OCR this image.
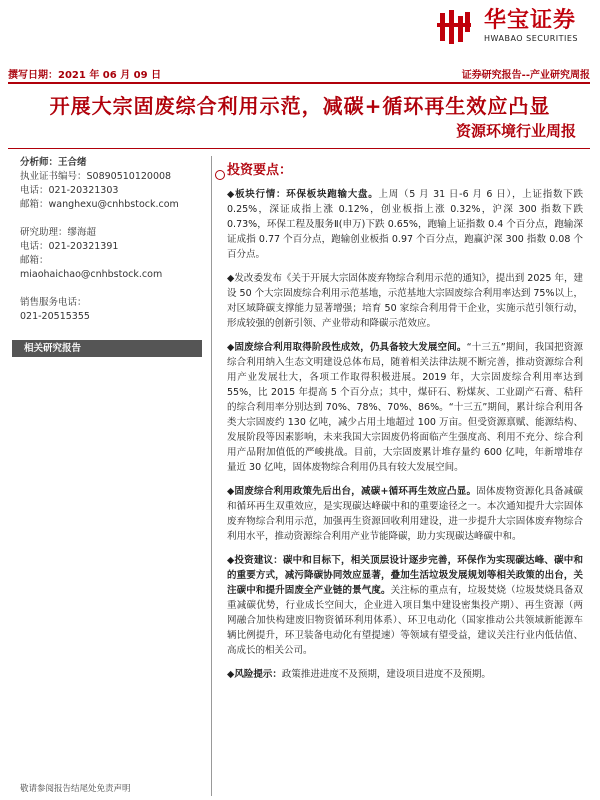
华宝证券
HWABAO SECURITIES
撰写日期：2021 年 06 月 09 日	证券研究报告--产业研究周报
开展大宗固废综合利用示范，减碳+循环再生效应凸显
资源环境行业周报
分析师：王合绪
执业证书编号：S0890510120008
电话：021-20321303
邮箱：wanghexu@cnhbstock.com
研究助理：缪海超
电话：021-20321391
邮箱：miaohaichao@cnhbstock.com
销售服务电话：
021-20515355
相关研究报告
投资要点：
◆板块行情：环保板块跑输大盘。上周（5 月 31 日-6 月 6 日），上证指数下跌 0.25%，深证成指上涨 0.12%，创业板指上涨 0.32%，沪深 300 指数下跌 0.73%，环保工程及服务Ⅱ(申万)下跌 0.65%，跑输上证指数 0.4 个百分点，跑输深证成指 0.77 个百分点，跑输创业板指 0.97 个百分点，跑赢沪深 300 指数 0.08 个百分点。
◆发改委发布《关于开展大宗固体废弃物综合利用示范的通知》，提出到 2025 年，建设 50 个大宗固废综合利用示范基地，示范基地大宗固废综合利用率达到 75%以上，对区域降碳支撑能力显著增强；培育 50 家综合利用骨干企业，实施示范引领行动，形成较强的创新引领、产业带动和降碳示范效应。
◆固废综合利用取得阶段性成效，仍具备较大发展空间。“十三五”期间，我国把资源综合利用纳入生态文明建设总体布局，随着相关法律法规不断完善，推动资源综合利用产业发展壮大，各项工作取得积极进展。2019 年，大宗固废综合利用率达到 55%，比 2015 年提高 5 个百分点；其中，煤矸石、粉煤灰、工业副产石膏、秸秆的综合利用率分别达到 70%、78%、70%、86%。“十三五”期间，累计综合利用各类大宗固废约 130 亿吨，减少占用土地超过 100 万亩。但受资源禀赋、能源结构、发展阶段等因素影响，未来我国大宗固废仍将面临产生强度高、利用不充分、综合利用产品附加值低的严峻挑战。目前，大宗固废累计堆存量约 600 亿吨，年新增堆存量近 30 亿吨，固体废物综合利用仍具有较大发展空间。
◆固废综合利用政策先后出台，减碳+循环再生效应凸显。固体废物资源化具备减碳和循环再生双重效应，是实现碳达峰碳中和的重要途径之一。本次通知提升大宗固体废弃物综合利用示范，加强再生资源回收利用建设，进一步提升大宗固体废弃物综合利用水平，推动资源综合利用产业节能降碳，助力实现碳达峰碳中和。
◆投资建议：碳中和目标下，相关顶层设计逐步完善，环保作为实现碳达峰、碳中和的重要方式，减污降碳协同效应显著，叠加生活垃圾发展规划等相关政策的出台，关注碳中和提升固废全产业链的景气度。关注标的重点有，垃圾焚烧（垃圾焚烧具备双重减碳优势，行业成长空间大，企业进入项目集中建设密集投产期）、再生资源（两网融合加快构建废旧物资循环利用体系）、环卫电动化（国家推动公共领域新能源车辆比例提升，环卫装备电动化有望提速）等领域有望受益，建议关注行业内低估值、高成长的相关公司。
◆风险提示：政策推进进度不及预期，建设项目进度不及预期。
敬请参阅报告结尾处免责声明
